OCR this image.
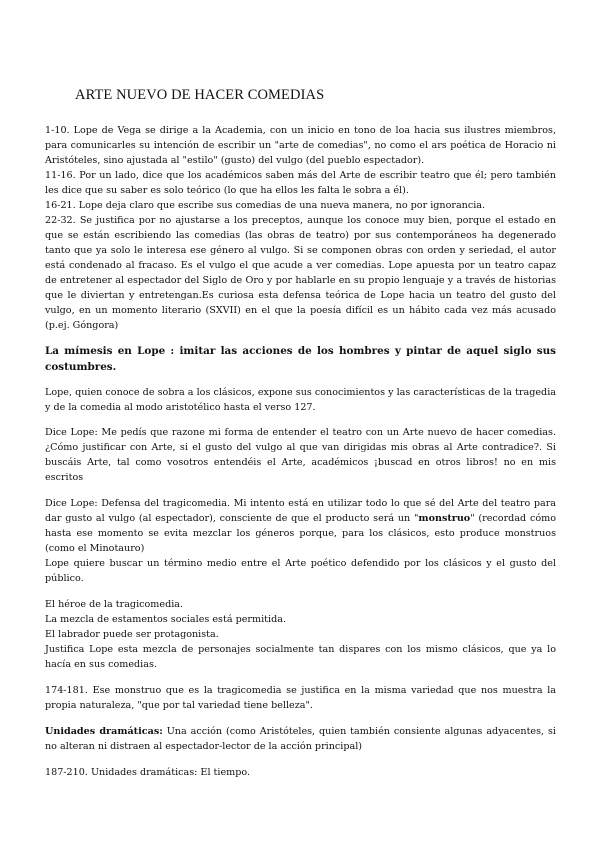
ARTE NUEVO DE HACER COMEDIAS

1-10. Lope de Vega se dirige a la Academia, con un inicio en tono de loa hacia sus ilustres miembros, para comunicarles su intención de escribir un "arte de comedias", no como el ars poética de Horacio ni Aristóteles, sino ajustada al "estilo" (gusto) del vulgo (del pueblo espectador).

11-16. Por un lado, dice que los académicos saben más del Arte de escribir teatro que él; pero también les dice que su saber es solo teórico (lo que ha ellos les falta le sobra a él).

16-21. Lope deja claro que escribe sus comedias de una nueva manera, no por ignorancia.

22-32. Se justifica por no ajustarse a los preceptos, aunque los conoce muy bien, porque el estado en que se están escribiendo las comedias (las obras de teatro) por sus contemporáneos ha degenerado tanto que ya solo le interesa ese género al vulgo. Si se componen obras con orden y seriedad, el autor está condenado al fracaso. Es el vulgo el que acude a ver comedias. Lope apuesta por un teatro capaz de entretener al espectador del Siglo de Oro y por hablarle en su propio lenguaje y a través de historias que le diviertan y entretengan.Es curiosa esta defensa teórica de Lope hacia un teatro del gusto del vulgo, en un momento literario (SXVII) en el que la poesía difícil es un hábito cada vez más acusado (p.ej. Góngora)

La mímesis en Lope : imitar las acciones de los hombres y pintar de aquel siglo sus costumbres.

Lope, quien conoce de sobra a los clásicos, expone sus conocimientos y las características de la tragedia y de la comedia al modo aristotélico hasta el verso 127.

Dice Lope: Me pedís que razone mi forma de entender el teatro con un Arte nuevo de hacer comedias. ¿Cómo justificar con Arte, si el gusto del vulgo al que van dirigidas mis obras al Arte contradice?. Si buscáis Arte, tal como vosotros entendéis el Arte, académicos ¡buscad en otros libros! no en mis escritos

Dice Lope: Defensa del tragicomedia. Mi intento está en utilizar todo lo que sé del Arte del teatro para dar gusto al vulgo (al espectador), consciente de que el producto será un "monstruo" (recordad cómo hasta ese momento se evita mezclar los géneros porque, para los clásicos, esto produce monstruos (como el Minotauro)

Lope quiere buscar un término medio entre el Arte poético defendido por los clásicos y el gusto del público.

El héroe de la tragicomedia.

La mezcla de estamentos sociales está permitida.

El labrador puede ser protagonista.

Justifica Lope esta mezcla de personajes socialmente tan dispares con los mismo clásicos, que ya lo hacía en sus comedias.

174-181. Ese monstruo que es la tragicomedia se justifica en la misma variedad que nos muestra la propia naturaleza, "que por tal variedad tiene belleza".

Unidades dramáticas: Una acción (como Aristóteles, quien también consiente algunas adyacentes, si no alteran ni distraen al espectador-lector de la acción principal)

187-210. Unidades dramáticas: El tiempo.
